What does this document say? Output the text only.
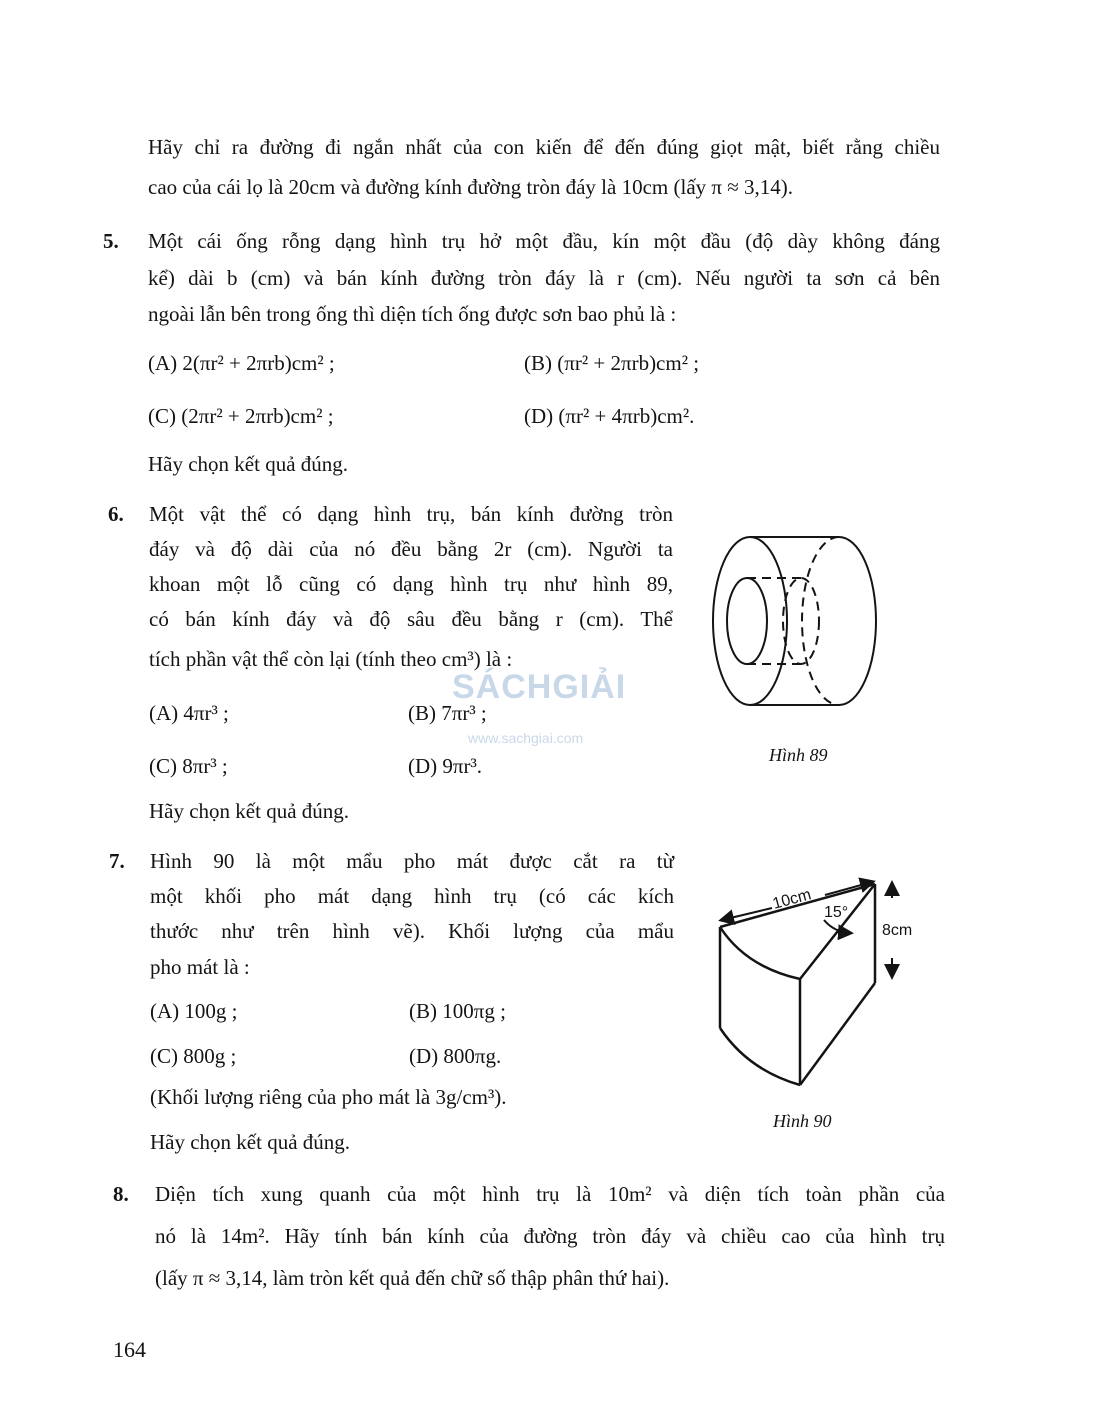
Hãy chỉ ra đường đi ngắn nhất của con kiến để đến đúng giọt mật, biết rằng chiều
cao của cái lọ là 20cm và đường kính đường tròn đáy là 10cm (lấy π ≈ 3,14).
5. Một cái ống rỗng dạng hình trụ hở một đầu, kín một đầu (độ dày không đáng
kể) dài b (cm) và bán kính đường tròn đáy là r (cm). Nếu người ta sơn cả bên
ngoài lẫn bên trong ống thì diện tích ống được sơn bao phủ là :
(A) 2(πr² + 2πrb)cm² ;	(B) (πr² + 2πrb)cm² ;
(C) (2πr² + 2πrb)cm² ;	(D) (πr² + 4πrb)cm².
Hãy chọn kết quả đúng.
6. Một vật thể có dạng hình trụ, bán kính đường tròn
đáy và độ dài của nó đều bằng 2r (cm). Người ta
khoan một lỗ cũng có dạng hình trụ như hình 89,
có bán kính đáy và độ sâu đều bằng r (cm). Thể
tích phần vật thể còn lại (tính theo cm³) là :
(A) 4πr³ ;	(B) 7πr³ ;
(C) 8πr³ ;	(D) 9πr³.
Hãy chọn kết quả đúng.
Hình 89
SÁCHGIẢI
www.sachgiai.com
7. Hình 90 là một mẩu pho mát được cắt ra từ
một khối pho mát dạng hình trụ (có các kích
thước như trên hình vẽ). Khối lượng của mẩu
pho mát là :
(A) 100g ;	(B) 100πg ;
(C) 800g ;	(D) 800πg.
(Khối lượng riêng của pho mát là 3g/cm³).
Hãy chọn kết quả đúng.
10cm 15°
8cm
Hình 90
8. Diện tích xung quanh của một hình trụ là 10m² và diện tích toàn phần của
nó là 14m². Hãy tính bán kính của đường tròn đáy và chiều cao của hình trụ
(lấy π ≈ 3,14, làm tròn kết quả đến chữ số thập phân thứ hai).
164
